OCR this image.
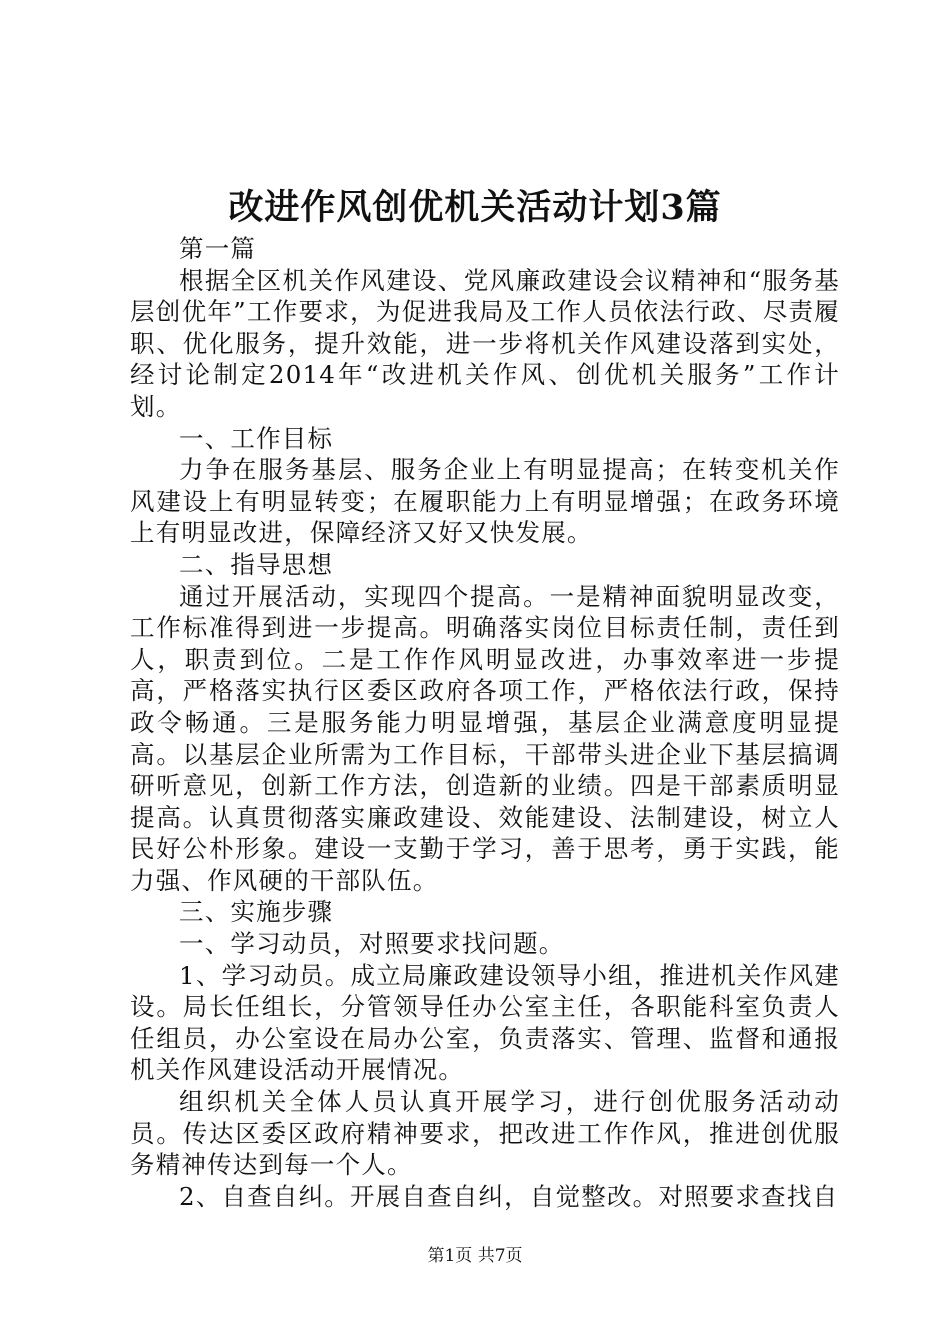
改进作风创优机关活动计划3篇

第一篇

根据全区机关作风建设、党风廉政建设会议精神和“服务基层创优年”工作要求，为促进我局及工作人员依法行政、尽责履职、优化服务，提升效能，进一步将机关作风建设落到实处，经讨论制定2014年“改进机关作风、创优机关服务”工作计划。

一、工作目标

力争在服务基层、服务企业上有明显提高；在转变机关作风建设上有明显转变；在履职能力上有明显增强；在政务环境上有明显改进，保障经济又好又快发展。

二、指导思想

通过开展活动，实现四个提高。一是精神面貌明显改变，工作标准得到进一步提高。明确落实岗位目标责任制，责任到人，职责到位。二是工作作风明显改进，办事效率进一步提高，严格落实执行区委区政府各项工作，严格依法行政，保持政令畅通。三是服务能力明显增强，基层企业满意度明显提高。以基层企业所需为工作目标，干部带头进企业下基层搞调研听意见，创新工作方法，创造新的业绩。四是干部素质明显提高。认真贯彻落实廉政建设、效能建设、法制建设，树立人民好公朴形象。建设一支勤于学习，善于思考，勇于实践，能力强、作风硬的干部队伍。

三、实施步骤

一、学习动员，对照要求找问题。

1、学习动员。成立局廉政建设领导小组，推进机关作风建设。局长任组长，分管领导任办公室主任，各职能科室负责人任组员，办公室设在局办公室，负责落实、管理、监督和通报机关作风建设活动开展情况。

组织机关全体人员认真开展学习，进行创优服务活动动员。传达区委区政府精神要求，把改进工作作风，推进创优服务精神传达到每一个人。

2、自查自纠。开展自查自纠，自觉整改。对照要求查找自

第1页 共7页
